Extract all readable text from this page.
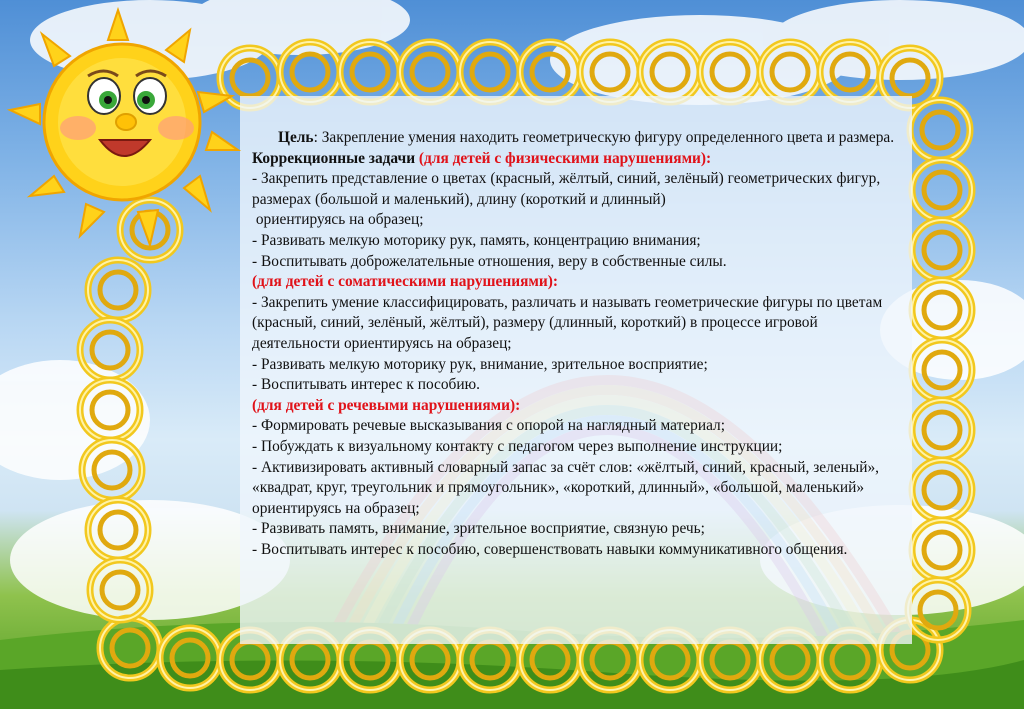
Цель: Закрепление умения находить геометрическую фигуру определенного цвета и размера.

Коррекционные задачи (для детей с физическими нарушениями):

- Закрепить представление о цветах (красный, жёлтый, синий, зелёный) геометрических фигур,

размерах (большой и маленький), длину (короткий и длинный)

ориентируясь на образец;

- Развивать мелкую моторику рук, память, концентрацию внимания;

- Воспитывать доброжелательные отношения, веру в собственные силы.

(для детей с соматическими нарушениями):

- Закрепить умение классифицировать, различать и называть геометрические фигуры по цветам (красный, синий, зелёный, жёлтый), размеру (длинный, короткий) в процессе игровой деятельности ориентируясь на образец;

- Развивать мелкую моторику рук, внимание, зрительное восприятие;

- Воспитывать интерес к пособию.

(для детей с речевыми нарушениями):

- Формировать речевые высказывания с опорой на наглядный материал;

- Побуждать к визуальному контакту с педагогом через выполнение инструкции;

- Активизировать активный словарный запас за счёт слов: «жёлтый, синий, красный, зеленый», «квадрат, круг, треугольник и прямоугольник», «короткий, длинный», «большой, маленький» ориентируясь на образец;

- Развивать память, внимание, зрительное восприятие, связную речь;

- Воспитывать интерес к пособию, совершенствовать навыки коммуникативного общения.
